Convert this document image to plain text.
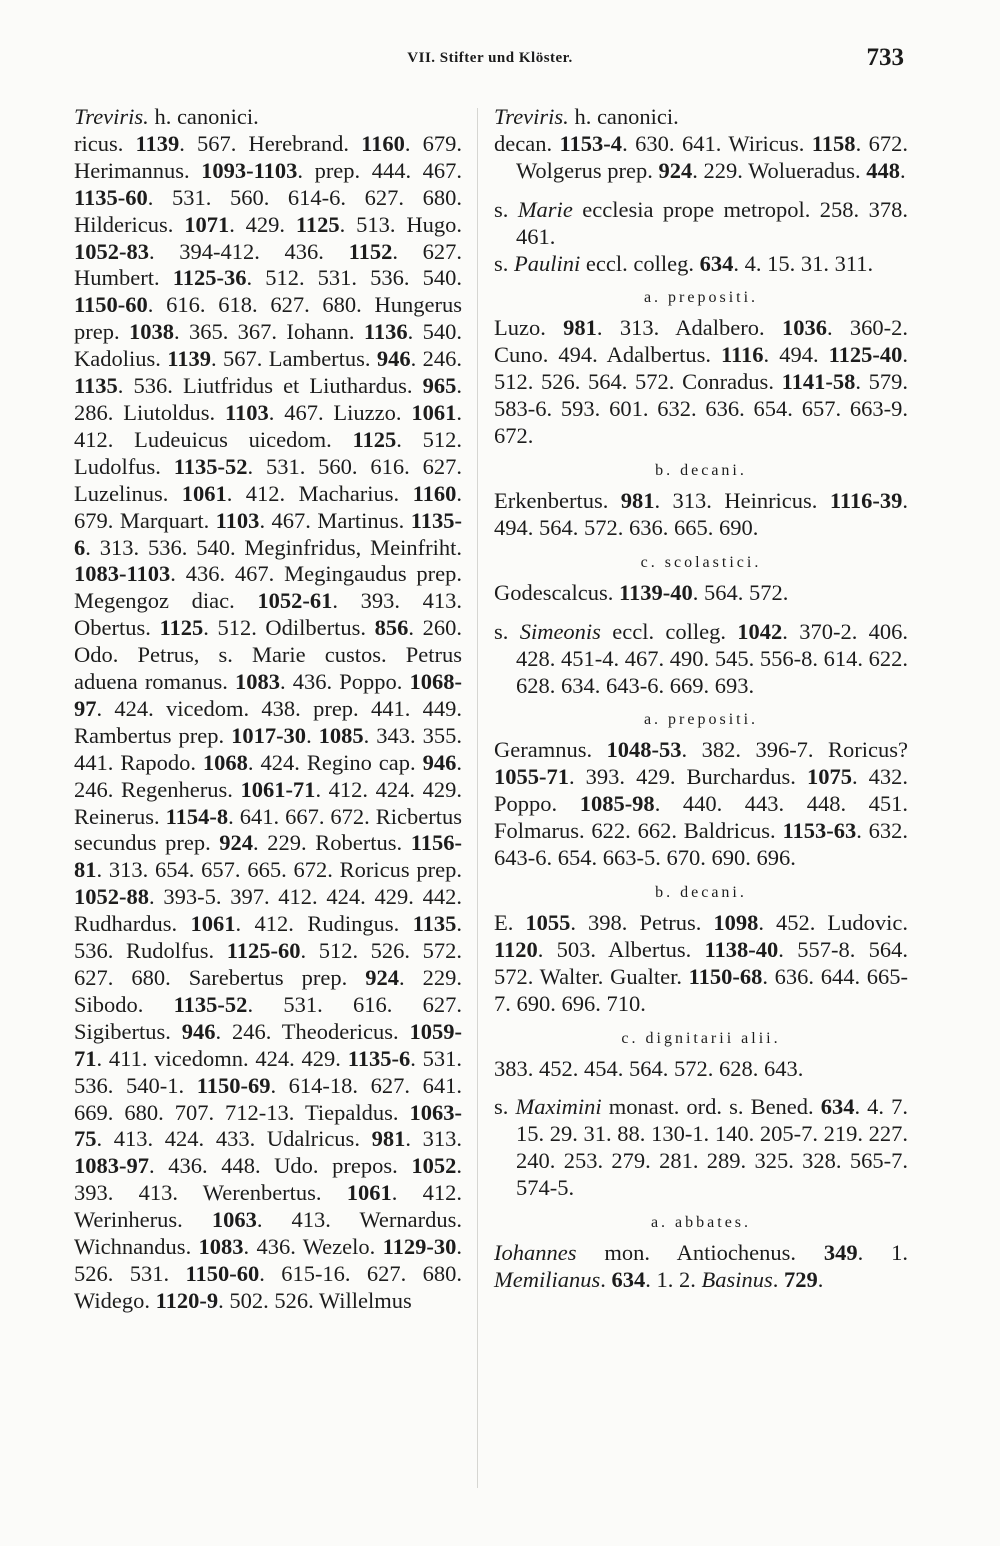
VII. Stifter und Klöster.	733

Treviris. h. canonici.

ricus. 1139. 567. Herebrand. 1160. 679. Herimannus. 1093-1103. prep. 444. 467. 1135-60. 531. 560. 614-6. 627. 680. Hildericus. 1071. 429. 1125. 513. Hugo. 1052-83. 394-412. 436. 1152. 627. Humbert. 1125-36. 512. 531. 536. 540. 1150-60. 616. 618. 627. 680. Hungerus prep. 1038. 365. 367. Iohann. 1136. 540. Kadolius. 1139. 567. Lambertus. 946. 246. 1135. 536. Liutfridus et Liuthardus. 965. 286. Liutoldus. 1103. 467. Liuzzo. 1061. 412. Ludeuicus uicedom. 1125. 512. Ludolfus. 1135-52. 531. 560. 616. 627. Luzelinus. 1061. 412. Macharius. 1160. 679. Marquart. 1103. 467. Martinus. 1135-6. 313. 536. 540. Meginfridus, Meinfriht. 1083-1103. 436. 467. Megingaudus prep. Megengoz diac. 1052-61. 393. 413. Obertus. 1125. 512. Odilbertus. 856. 260. Odo. Petrus, s. Marie custos. Petrus aduena romanus. 1083. 436. Poppo. 1068-97. 424. vicedom. 438. prep. 441. 449. Rambertus prep. 1017-30. 1085. 343. 355. 441. Rapodo. 1068. 424. Regino cap. 946. 246. Regenherus. 1061-71. 412. 424. 429. Reinerus. 1154-8. 641. 667. 672. Ricbertus secundus prep. 924. 229. Robertus. 1156-81. 313. 654. 657. 665. 672. Roricus prep. 1052-88. 393-5. 397. 412. 424. 429. 442. Rudhardus. 1061. 412. Rudingus. 1135. 536. Rudolfus. 1125-60. 512. 526. 572. 627. 680. Sarebertus prep. 924. 229. Sibodo. 1135-52. 531. 616. 627. Sigibertus. 946. 246. Theodericus. 1059-71. 411. vicedomn. 424. 429. 1135-6. 531. 536. 540-1. 1150-69. 614-18. 627. 641. 669. 680. 707. 712-13. Tiepaldus. 1063-75. 413. 424. 433. Udalricus. 981. 313. 1083-97. 436. 448. Udo. prepos. 1052. 393. 413. Werenbertus. 1061. 412. Werinherus. 1063. 413. Wernardus. Wichnandus. 1083. 436. Wezelo. 1129-30. 526. 531. 1150-60. 615-16. 627. 680. Widego. 1120-9. 502. 526. Willelmus

Treviris. h. canonici.

decan. 1153-4. 630. 641. Wiricus. 1158. 672. Wolgerus prep. 924. 229. Wolueradus. 448.

s. Marie ecclesia prope metropol. 258. 378. 461.

s. Paulini eccl. colleg. 634. 4. 15. 31. 311.

a. prepositi.

Luzo. 981. 313. Adalbero. 1036. 360-2. Cuno. 494. Adalbertus. 1116. 494. 1125-40. 512. 526. 564. 572. Conradus. 1141-58. 579. 583-6. 593. 601. 632. 636. 654. 657. 663-9. 672.

b. decani.

Erkenbertus. 981. 313. Heinricus. 1116-39. 494. 564. 572. 636. 665. 690.

c. scolastici.

Godescalcus. 1139-40. 564. 572.

s. Simeonis eccl. colleg. 1042. 370-2. 406. 428. 451-4. 467. 490. 545. 556-8. 614. 622. 628. 634. 643-6. 669. 693.

a. prepositi.

Geramnus. 1048-53. 382. 396-7. Roricus? 1055-71. 393. 429. Burchardus. 1075. 432. Poppo. 1085-98. 440. 443. 448. 451. Folmarus. 622. 662. Baldricus. 1153-63. 632. 643-6. 654. 663-5. 670. 690. 696.

b. decani.

E. 1055. 398. Petrus. 1098. 452. Ludovic. 1120. 503. Albertus. 1138-40. 557-8. 564. 572. Walter. Gualter. 1150-68. 636. 644. 665-7. 690. 696. 710.

c. dignitarii alii.

383. 452. 454. 564. 572. 628. 643.

s. Maximini monast. ord. s. Bened. 634. 4. 7. 15. 29. 31. 88. 130-1. 140. 205-7. 219. 227. 240. 253. 279. 281. 289. 325. 328. 565-7. 574-5.

a. abbates.

Iohannes mon. Antiochenus. 349. 1. Memilianus. 634. 1. 2. Basinus. 729.
